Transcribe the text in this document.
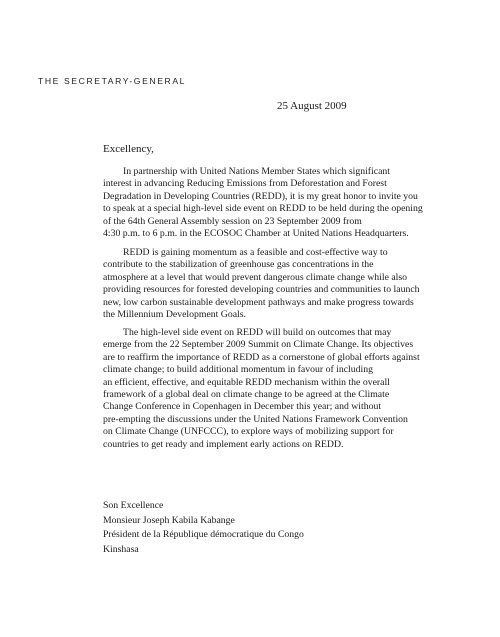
THE SECRETARY-GENERAL
25 August 2009
Excellency,
In partnership with United Nations Member States which significant
interest in advancing Reducing Emissions from Deforestation and Forest
Degradation in Developing Countries (REDD), it is my great honor to invite you
to speak at a special high-level side event on REDD to be held during the opening
of the 64th General Assembly session on 23 September 2009 from
4:30 p.m. to 6 p.m. in the ECOSOC Chamber at United Nations Headquarters.
REDD is gaining momentum as a feasible and cost-effective way to
contribute to the stabilization of greenhouse gas concentrations in the
atmosphere at a level that would prevent dangerous climate change while also
providing resources for forested developing countries and communities to launch
new, low carbon sustainable development pathways and make progress towards
the Millennium Development Goals.
The high-level side event on REDD will build on outcomes that may
emerge from the 22 September 2009 Summit on Climate Change. Its objectives
are to reaffirm the importance of REDD as a cornerstone of global efforts against
climate change; to build additional momentum in favour of including
an efficient, effective, and equitable REDD mechanism within the overall
framework of a global deal on climate change to be agreed at the Climate
Change Conference in Copenhagen in December this year; and without
pre-empting the discussions under the United Nations Framework Convention
on Climate Change (UNFCCC), to explore ways of mobilizing support for
countries to get ready and implement early actions on REDD.
Son Excellence
Monsieur Joseph Kabila Kabange
Président de la République démocratique du Congo
Kinshasa
